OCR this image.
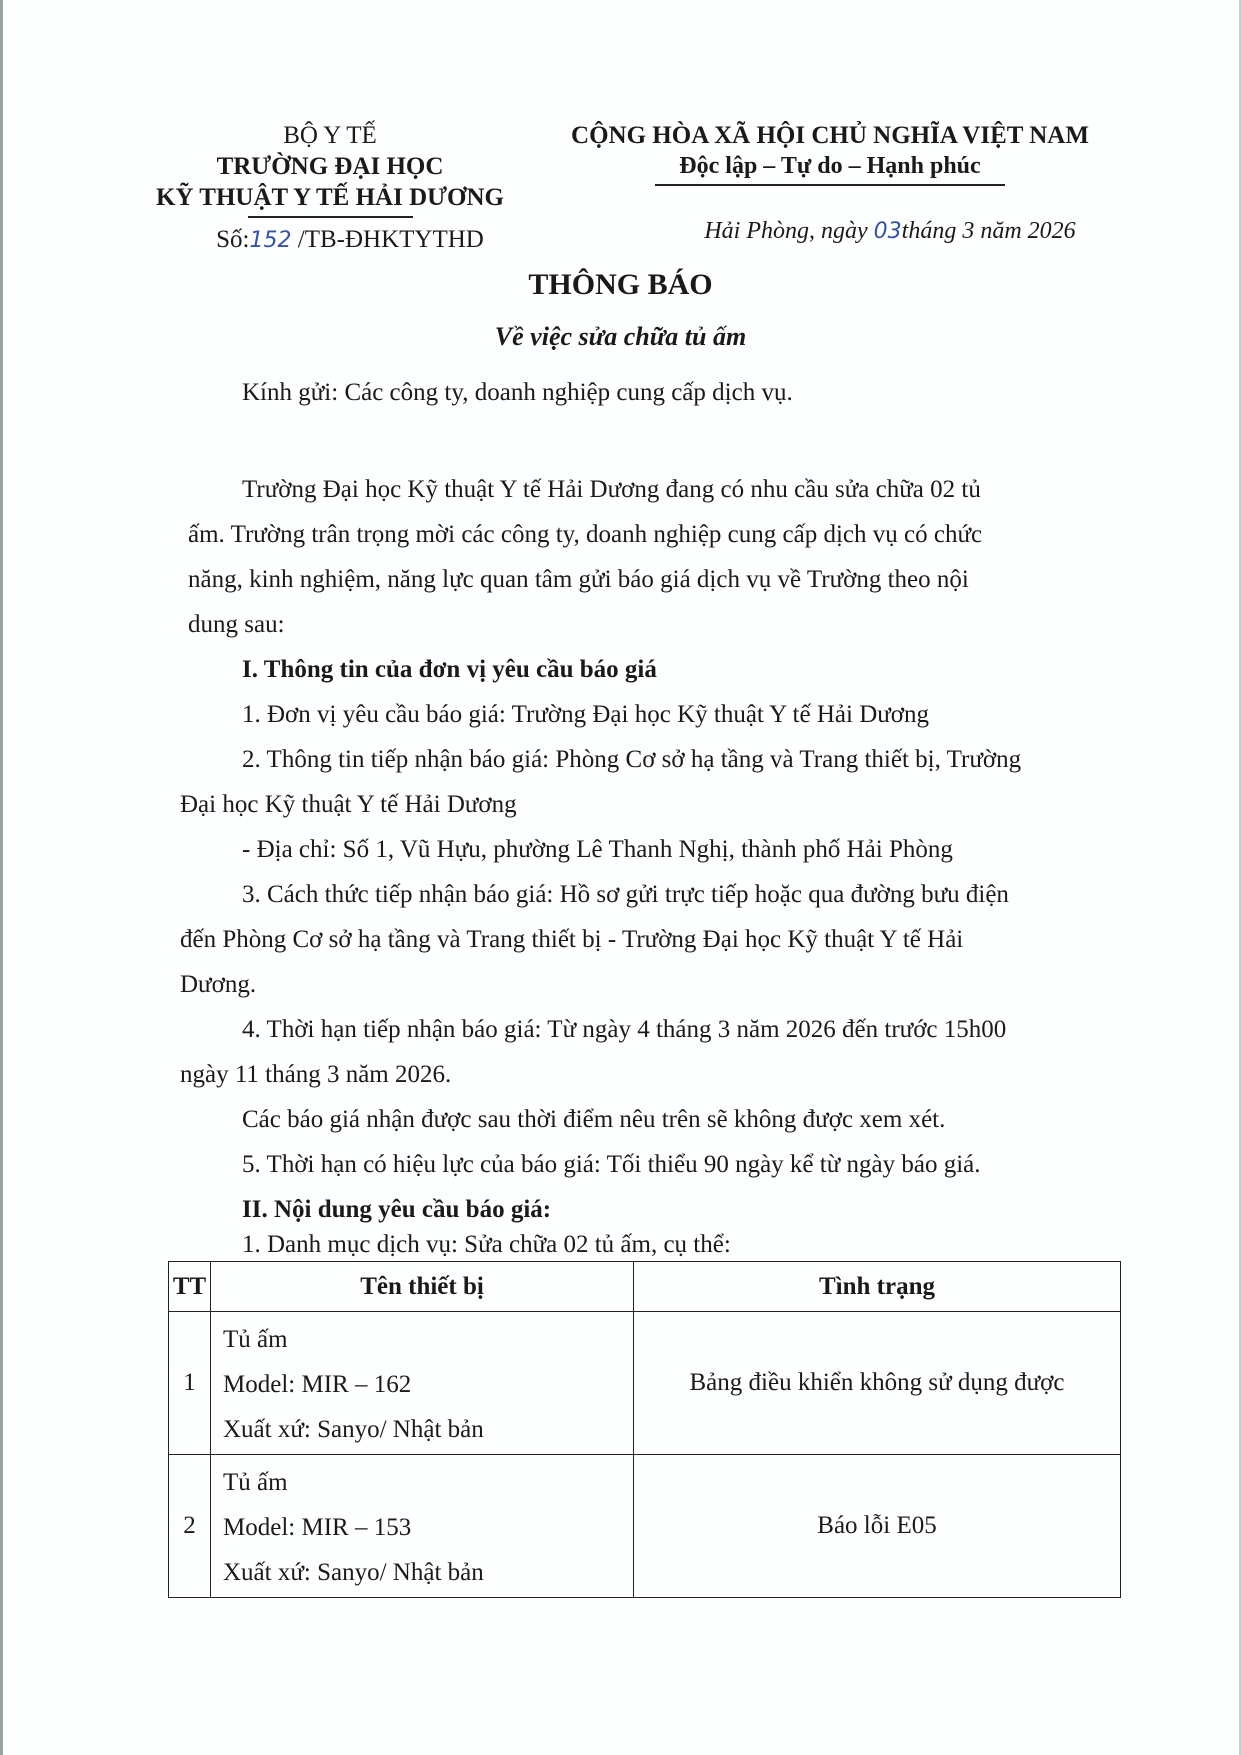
BỘ Y TẾ
TRƯỜNG ĐẠI HỌC
KỸ THUẬT Y TẾ HẢI DƯƠNG
Số:152 /TB-ĐHKTYTHD
CỘNG HÒA XÃ HỘI CHỦ NGHĨA VIỆT NAM
Độc lập – Tự do – Hạnh phúc
Hải Phòng, ngày 03tháng 3 năm 2026
THÔNG BÁO
Về việc sửa chữa tủ ấm
Kính gửi: Các công ty, doanh nghiệp cung cấp dịch vụ.
Trường Đại học Kỹ thuật Y tế Hải Dương đang có nhu cầu sửa chữa 02 tủ
ấm. Trường trân trọng mời các công ty, doanh nghiệp cung cấp dịch vụ có chức
năng, kinh nghiệm, năng lực quan tâm gửi báo giá dịch vụ về Trường theo nội
dung sau:
I. Thông tin của đơn vị yêu cầu báo giá
1. Đơn vị yêu cầu báo giá: Trường Đại học Kỹ thuật Y tế Hải Dương
2. Thông tin tiếp nhận báo giá: Phòng Cơ sở hạ tầng và Trang thiết bị, Trường
Đại học Kỹ thuật Y tế Hải Dương
- Địa chỉ: Số 1, Vũ Hựu, phường Lê Thanh Nghị, thành phố Hải Phòng
3. Cách thức tiếp nhận báo giá: Hồ sơ gửi trực tiếp hoặc qua đường bưu điện
đến Phòng Cơ sở hạ tầng và Trang thiết bị - Trường Đại học Kỹ thuật Y tế Hải
Dương.
4. Thời hạn tiếp nhận báo giá: Từ ngày 4 tháng 3 năm 2026 đến trước 15h00
ngày 11 tháng 3 năm 2026.
Các báo giá nhận được sau thời điểm nêu trên sẽ không được xem xét.
5. Thời hạn có hiệu lực của báo giá: Tối thiểu 90 ngày kể từ ngày báo giá.
II. Nội dung yêu cầu báo giá:
1. Danh mục dịch vụ: Sửa chữa 02 tủ ấm, cụ thể:
TT	Tên thiết bị	Tình trạng
1	Tủ ấm
Model: MIR – 162
Xuất xứ: Sanyo/ Nhật bản	Bảng điều khiển không sử dụng được
2	Tủ ấm
Model: MIR – 153
Xuất xứ: Sanyo/ Nhật bản	Báo lỗi E05
